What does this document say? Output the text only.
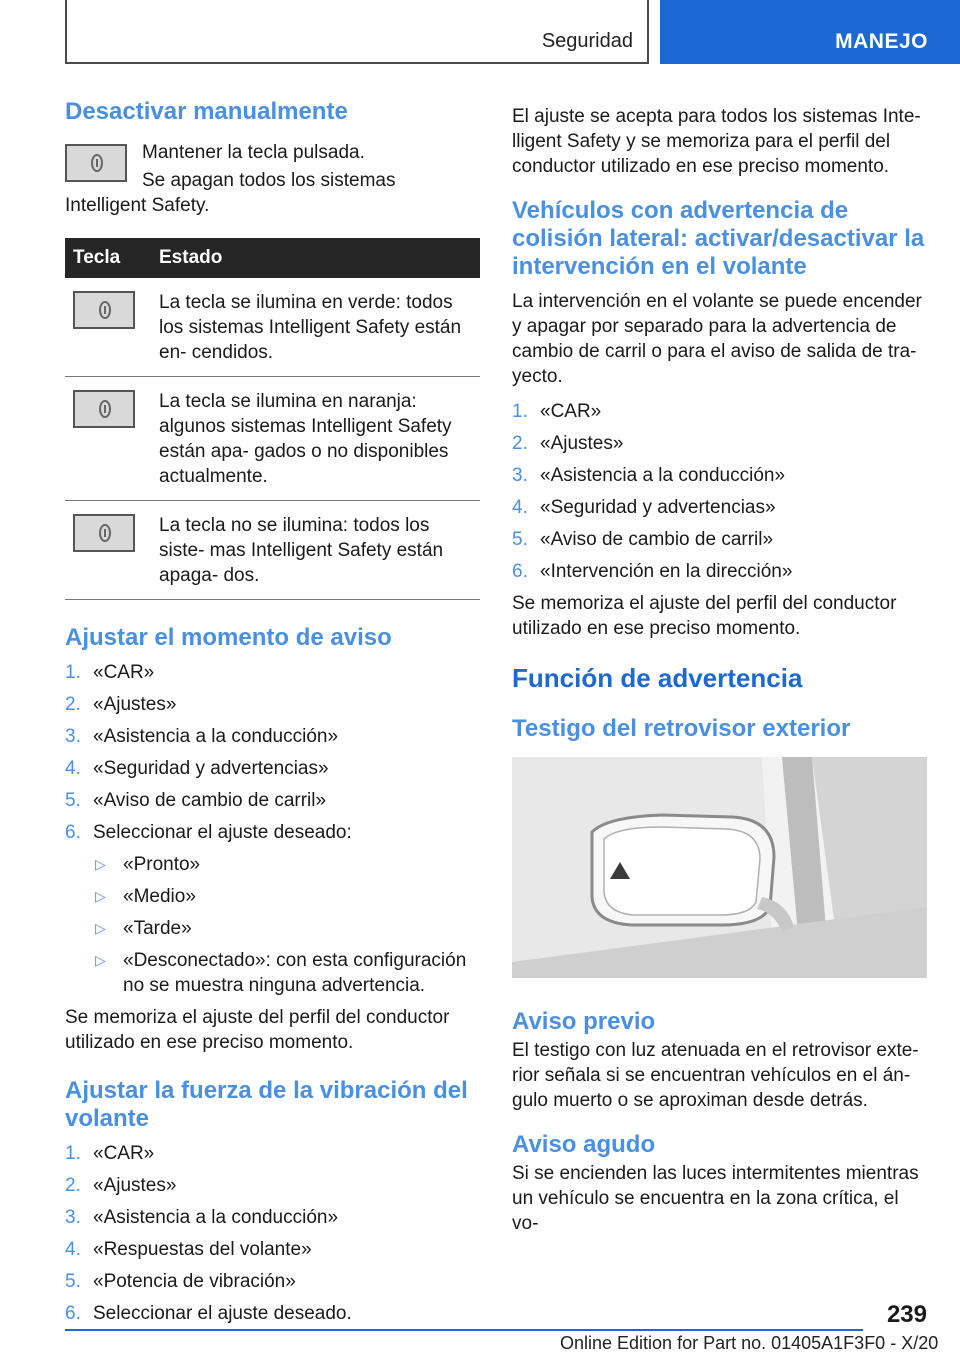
Seguridad	MANEJO
Desactivar manualmente

Mantener la tecla pulsada.

Se apagan todos los sistemas Intelligent Safety.

Tecla	Estado
	La tecla se ilumina en verde: todos los sistemas Intelligent Safety están en- cendidos.
	La tecla se ilumina en naranja: algunos sistemas Intelligent Safety están apa- gados o no disponibles actualmente.
	La tecla no se ilumina: todos los siste- mas Intelligent Safety están apaga- dos.
Ajustar el momento de aviso
1. «CAR»
2. «Ajustes»
3. «Asistencia a la conducción»
4. «Seguridad y advertencias»
5. «Aviso de cambio de carril»
6. Seleccionar el ajuste deseado:
▷ «Pronto»
▷ «Medio»
▷ «Tarde»
▷ «Desconectado»: con esta configuración no se muestra ninguna advertencia.

Se memoriza el ajuste del perfil del conductor utilizado en ese preciso momento.

Ajustar la fuerza de la vibración del volante
1. «CAR»
2. «Ajustes»
3. «Asistencia a la conducción»
4. «Respuestas del volante»
5. «Potencia de vibración»
6. Seleccionar el ajuste deseado.

El ajuste se acepta para todos los sistemas Inte- lligent Safety y se memoriza para el perfil del conductor utilizado en ese preciso momento.

Vehículos con advertencia de colisión lateral: activar/desactivar la intervención en el volante

La intervención en el volante se puede encender y apagar por separado para la advertencia de cambio de carril o para el aviso de salida de tra- yecto.

1. «CAR»
2. «Ajustes»
3. «Asistencia a la conducción»
4. «Seguridad y advertencias»
5. «Aviso de cambio de carril»
6. «Intervención en la dirección»

Se memoriza el ajuste del perfil del conductor utilizado en ese preciso momento.

Función de advertencia
Testigo del retrovisor exterior
Aviso previo

El testigo con luz atenuada en el retrovisor exte- rior señala si se encuentran vehículos en el án- gulo muerto o se aproximan desde detrás.

Aviso agudo

Si se encienden las luces intermitentes mientras un vehículo se encuentra en la zona crítica, el vo-

239
Online Edition for Part no. 01405A1F3F0 - X/20
